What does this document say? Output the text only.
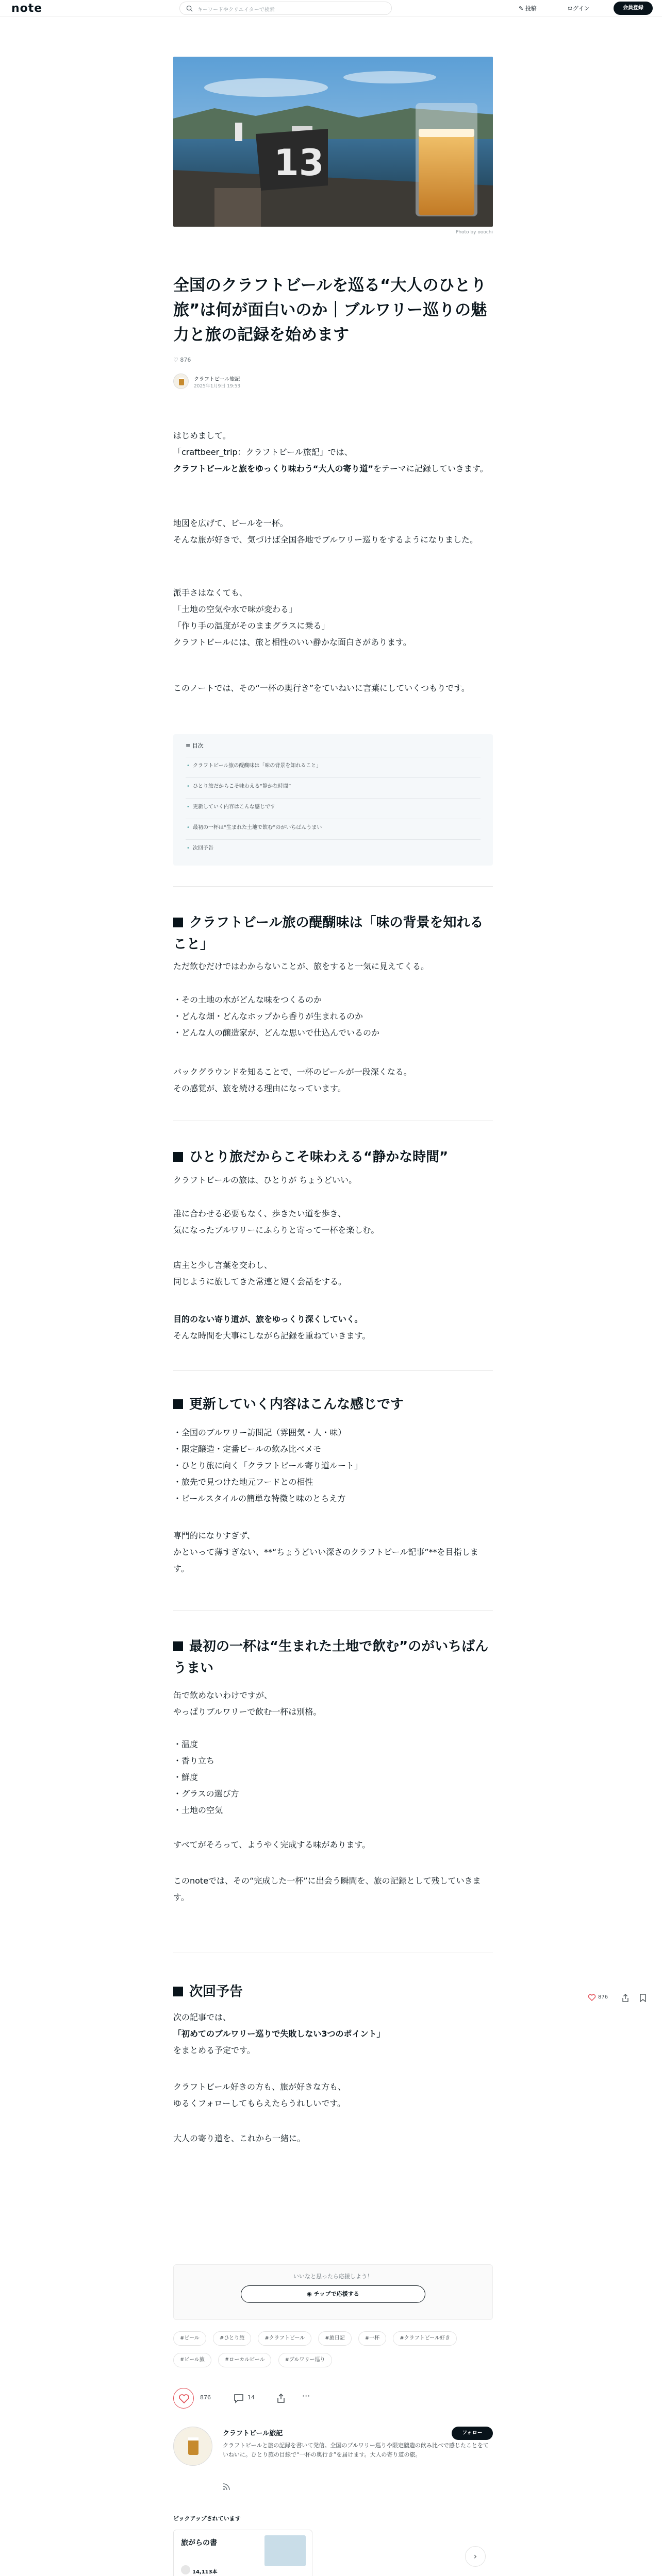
note	キーワードやクリエイターで検索	✎ 投稿	ログイン	会員登録
13
Photo by ooochi
全国のクラフトビールを巡る“大人のひとり旅”は何が面白いのか｜ブルワリー巡りの魅力と旅の記録を始めます
♡ 876
クラフトビール旅記
2025年1月9日 19:53
はじめまして。
「craftbeer_trip：クラフトビール旅記」では、
クラフトビールと旅をゆっくり味わう“大人の寄り道”をテーマに記録していきます。
地図を広げて、ビールを一杯。
そんな旅が好きで、気づけば全国各地でブルワリー巡りをするようになりました。
派手さはなくても、
「土地の空気や水で味が変わる」
「作り手の温度がそのままグラスに乗る」
クラフトビールには、旅と相性のいい静かな面白さがあります。
このノートでは、その“一杯の奥行き”をていねいに言葉にしていくつもりです。
≡ 目次
• クラフトビール旅の醍醐味は「味の背景を知れること」
• ひとり旅だからこそ味わえる“静かな時間”
• 更新していく内容はこんな感じです
• 最初の一杯は“生まれた土地で飲む”のがいちばんうまい
• 次回予告
クラフトビール旅の醍醐味は「味の背景を知れること」
ただ飲むだけではわからないことが、旅をすると一気に見えてくる。
・その土地の水がどんな味をつくるのか
・どんな畑・どんなホップから香りが生まれるのか
・どんな人の醸造家が、どんな思いで仕込んでいるのか
バックグラウンドを知ることで、一杯のビールが一段深くなる。
その感覚が、旅を続ける理由になっています。
ひとり旅だからこそ味わえる“静かな時間”
クラフトビールの旅は、ひとりが ちょうどいい。
誰に合わせる必要もなく、歩きたい道を歩き、
気になったブルワリーにふらりと寄って一杯を楽しむ。
店主と少し言葉を交わし、
同じように旅してきた常連と短く会話をする。
目的のない寄り道が、旅をゆっくり深くしていく。
そんな時間を大事にしながら記録を重ねていきます。
更新していく内容はこんな感じです
・全国のブルワリー訪問記（雰囲気・人・味）
・限定醸造・定番ビールの飲み比べメモ
・ひとり旅に向く「クラフトビール寄り道ルート」
・旅先で見つけた地元フードとの相性
・ビールスタイルの簡単な特徴と味のとらえ方
専門的になりすぎず、
かといって薄すぎない、**“ちょうどいい深さのクラフトビール記事”**を目指します。
最初の一杯は“生まれた土地で飲む”のがいちばんうまい
缶で飲めないわけですが、
やっぱりブルワリーで飲む一杯は別格。
・温度
・香り立ち
・鮮度
・グラスの選び方
・土地の空気
すべてがそろって、ようやく完成する味があります。
このnoteでは、その“完成した一杯”に出会う瞬間を、旅の記録として残していきます。
次回予告
次の記事では、
「初めてのブルワリー巡りで失敗しない3つのポイント」
をまとめる予定です。
クラフトビール好きの方も、旅が好きな方も、
ゆるくフォローしてもらえたらうれしいです。
大人の寄り道を、これから一緒に。
いいなと思ったら応援しよう！
◉ チップで応援する
#ビール	#ひとり旅	#クラフトビール	#旅日記	#一杯	#クラフトビール好き #ビール旅	#ローカルビール	#ブルワリー巡り
876	14	···
クラフトビール旅記	フォロー
クラフトビールと旅の記録を書いて発信。全国のブルワリー巡りや限定醸造の飲み比べで感じたことをていねいに。ひとり旅の目線で“一杯の奥行き”を届けます。大人の寄り道の旅。
ピックアップされています
旅がらの書
14,113本
›

876
